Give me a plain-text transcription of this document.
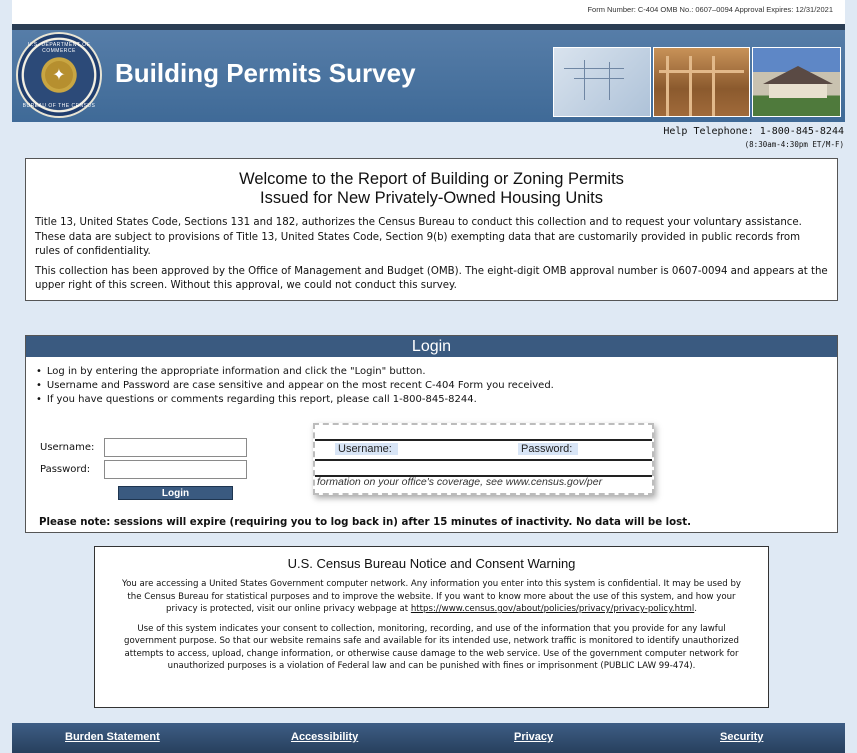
Form Number: C-404 OMB No.: 0607–0094 Approval Expires: 12/31/2021
U.S. DEPARTMENT OF COMMERCE
✦
BUREAU OF THE CENSUS
Building Permits Survey
Help Telephone: 1-800-845-8244
(8:30am-4:30pm ET/M-F)
Welcome to the Report of Building or Zoning Permits
Issued for New Privately-Owned Housing Units

Title 13, United States Code, Sections 131 and 182, authorizes the Census Bureau to conduct this collection and to request your voluntary assistance. These data are subject to provisions of Title 13, United States Code, Section 9(b) exempting data that are customarily provided in public records from rules of confidentiality.

This collection has been approved by the Office of Management and Budget (OMB). The eight-digit OMB approval number is 0607-0094 and appears at the upper right of this screen. Without this approval, we could not conduct this survey.

Login
• Log in by entering the appropriate information and click the "Login" button.
• Username and Password are case sensitive and appear on the most recent C-404 Form you received.
• If you have questions or comments regarding this report, please call 1-800-845-8244.
Username:
Password:
Login
Username:	Password:
formation on your office's coverage, see www.census.gov/per
Please note: sessions will expire (requiring you to log back in) after 15 minutes of inactivity. No data will be lost.
U.S. Census Bureau Notice and Consent Warning

You are accessing a United States Government computer network. Any information you enter into this system is confidential. It may be used by the Census Bureau for statistical purposes and to improve the website. If you want to know more about the use of this system, and how your privacy is protected, visit our online privacy webpage at https://www.census.gov/about/policies/privacy/privacy-policy.html.

Use of this system indicates your consent to collection, monitoring, recording, and use of the information that you provide for any lawful government purpose. So that our website remains safe and available for its intended use, network traffic is monitored to identify unauthorized attempts to access, upload, change information, or otherwise cause damage to the web service. Use of the government computer network for unauthorized purposes is a violation of Federal law and can be punished with fines or imprisonment (PUBLIC LAW 99-474).

Burden Statement	Accessibility	Privacy	Security
